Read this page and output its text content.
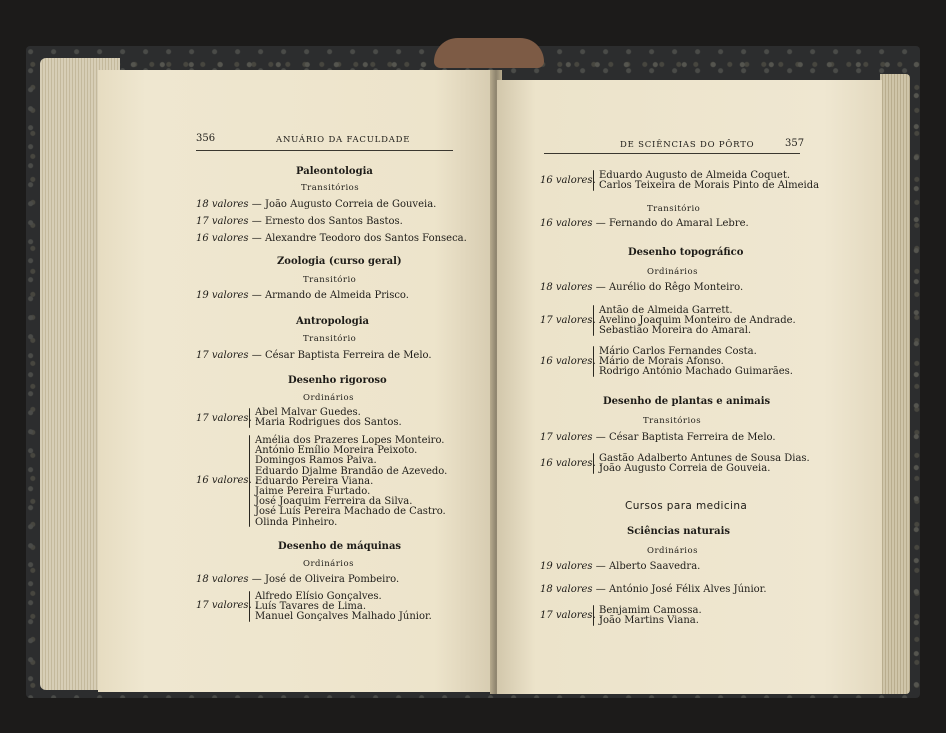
356	ANUÁRIO DA FACULDADE
Paleontologia
Transitórios
18 valores — João Augusto Correia de Gouveia.
17 valores — Ernesto dos Santos Bastos.
16 valores — Alexandre Teodoro dos Santos Fonseca.
Zoologia (curso geral)
Transitório
19 valores — Armando de Almeida Prisco.
Antropologia
Transitório
17 valores — César Baptista Ferreira de Melo.
Desenho rigoroso
Ordinários
17 valores. .
Abel Malvar Guedes.
Maria Rodrigues dos Santos.
16 valores. .
Amélia dos Prazeres Lopes Monteiro.
António Emílio Moreira Peixoto.
Domingos Ramos Paiva.
Eduardo Djalme Brandão de Azevedo.
Eduardo Pereira Viana.
Jaime Pereira Furtado.
José Joaquim Ferreira da Silva.
José Luís Pereira Machado de Castro.
Olinda Pinheiro.
Desenho de máquinas
Ordinários
18 valores — José de Oliveira Pombeiro.
17 valores. .
Alfredo Elísio Gonçalves.
Luís Tavares de Lima.
Manuel Gonçalves Malhado Júnior.
DE SCIÊNCIAS DO PÔRTO	357
16 valores. .
Eduardo Augusto de Almeida Coquet.
Carlos Teixeira de Morais Pinto de Almeida
Transitório
16 valores — Fernando do Amaral Lebre.
Desenho topográfico
Ordinários
18 valores — Aurélio do Rêgo Monteiro.
17 valores. .
Antão de Almeida Garrett.
Avelino Joaquim Monteiro de Andrade.
Sebastião Moreira do Amaral.
16 valores. .
Mário Carlos Fernandes Costa.
Mário de Morais Afonso.
Rodrigo António Machado Guimarães.
Desenho de plantas e animais
Transitórios
17 valores — César Baptista Ferreira de Melo.
16 valores. .
Gastão Adalberto Antunes de Sousa Dias.
João Augusto Correia de Gouveia.
Cursos para medicina
Sciências naturais
Ordinários
19 valores — Alberto Saavedra.
18 valores — António José Félix Alves Júnior.
17 valores. .
Benjamim Camossa.
João Martins Viana.
